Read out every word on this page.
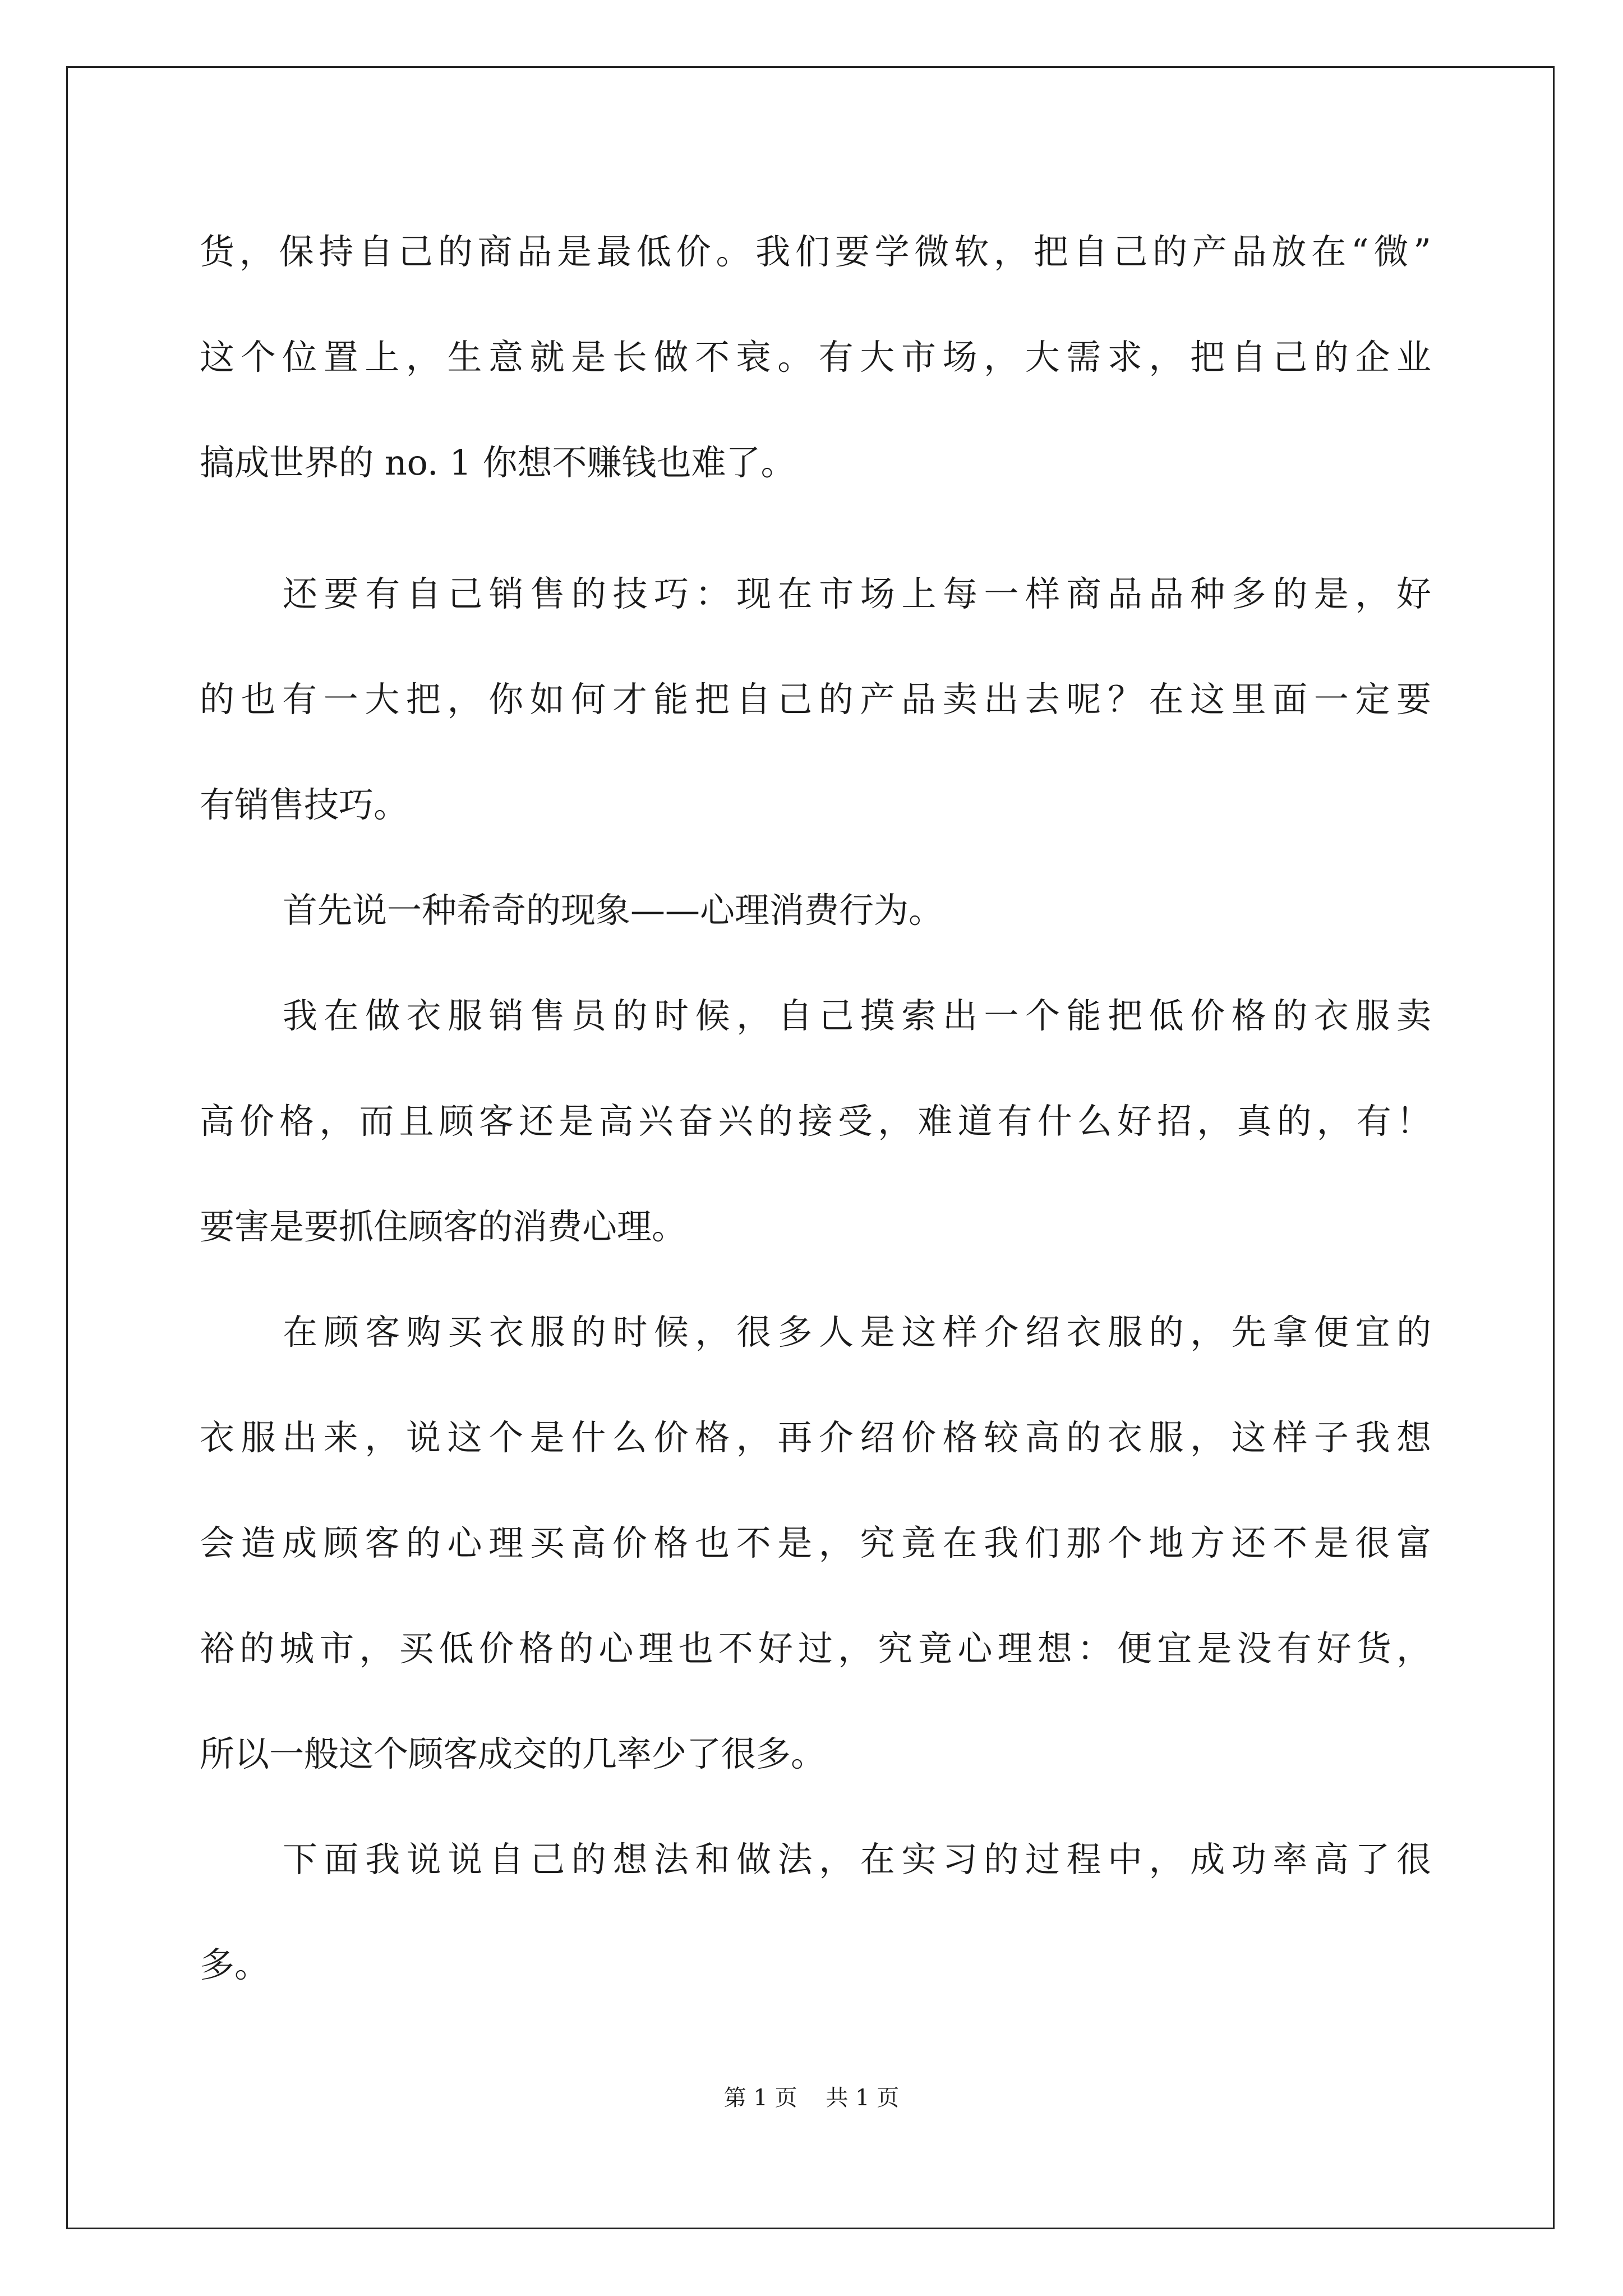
货，保持自己的商品是最低价。我们要学微软，把自己的产品放在“微”
这个位置上，生意就是长做不衰。有大市场，大需求，把自己的企业
搞成世界的 no. 1 你想不赚钱也难了。
还要有自己销售的技巧：现在市场上每一样商品品种多的是，好
的也有一大把，你如何才能把自己的产品卖出去呢？在这里面一定要
有销售技巧。
首先说一种希奇的现象——心理消费行为。
我在做衣服销售员的时候，自己摸索出一个能把低价格的衣服卖
高价格，而且顾客还是高兴奋兴的接受，难道有什么好招，真的，有！
要害是要抓住顾客的消费心理。
在顾客购买衣服的时候，很多人是这样介绍衣服的，先拿便宜的
衣服出来，说这个是什么价格，再介绍价格较高的衣服，这样子我想
会造成顾客的心理买高价格也不是，究竟在我们那个地方还不是很富
裕的城市，买低价格的心理也不好过，究竟心理想：便宜是没有好货，
所以一般这个顾客成交的几率少了很多。
下面我说说自己的想法和做法，在实习的过程中，成功率高了很
多。
第 1 页    共 1 页
